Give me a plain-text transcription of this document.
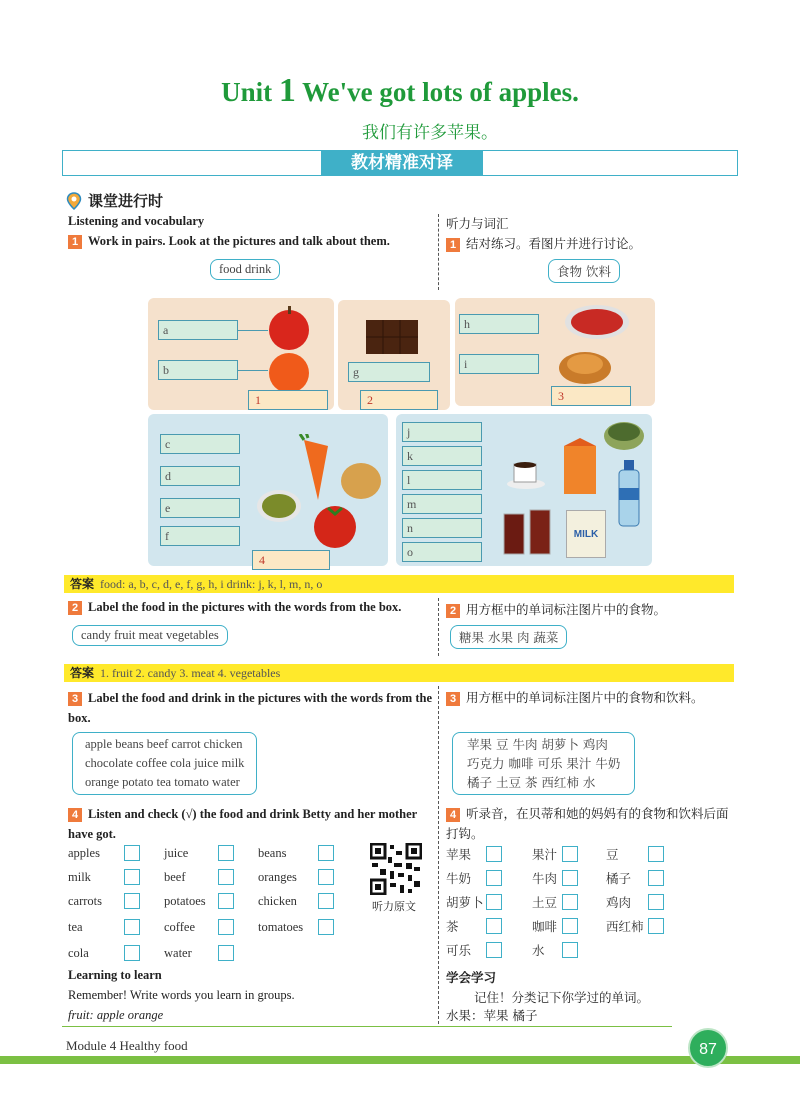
Unit 1 We've got lots of apples.
我们有许多苹果。
教材精准对译
课堂进行时
Listening and vocabulary	听力与词汇
1 Work in pairs. Look at the pictures and talk about them.	1 结对练习。看图片并进行讨论。
food drink	食物 饮料
a
b
1
g
2
h
i
3
c
d
e
f
4
j
k
l
m
n
o
MILK
答案 food: a, b, c, d, e, f, g, h, i drink: j, k, l, m, n, o
2 Label the food in the pictures with the words from the box.	2 用方框中的单词标注图片中的食物。
candy fruit meat vegetables	糖果 水果 肉 蔬菜
答案 1. fruit 2. candy 3. meat 4. vegetables
3 Label the food and drink in the pictures with the words from the box.
3 用方框中的单词标注图片中的食物和饮料。
apple beans beef carrot chicken
chocolate coffee cola juice milk
orange potato tea tomato water
苹果 豆 牛肉 胡萝卜 鸡肉
巧克力 咖啡 可乐 果汁 牛奶
橘子 土豆 茶 西红柿 水
4 Listen and check (√) the food and drink Betty and her mother have got.
4 听录音，在贝蒂和她的妈妈有的食物和饮料后面打钩。
apples	juice	beans
milk	beef	oranges
carrots	potatoes	chicken
tea	coffee	tomatoes
cola	water
听力原文
苹果	果汁	豆
牛奶	牛肉	橘子
胡萝卜	土豆	鸡肉
茶	咖啡	西红柿
可乐	水
Learning to learn
Remember! Write words you learn in groups.
fruit: apple orange
学会学习
记住！分类记下你学过的单词。
水果：苹果 橘子
Module 4 Healthy food	87
